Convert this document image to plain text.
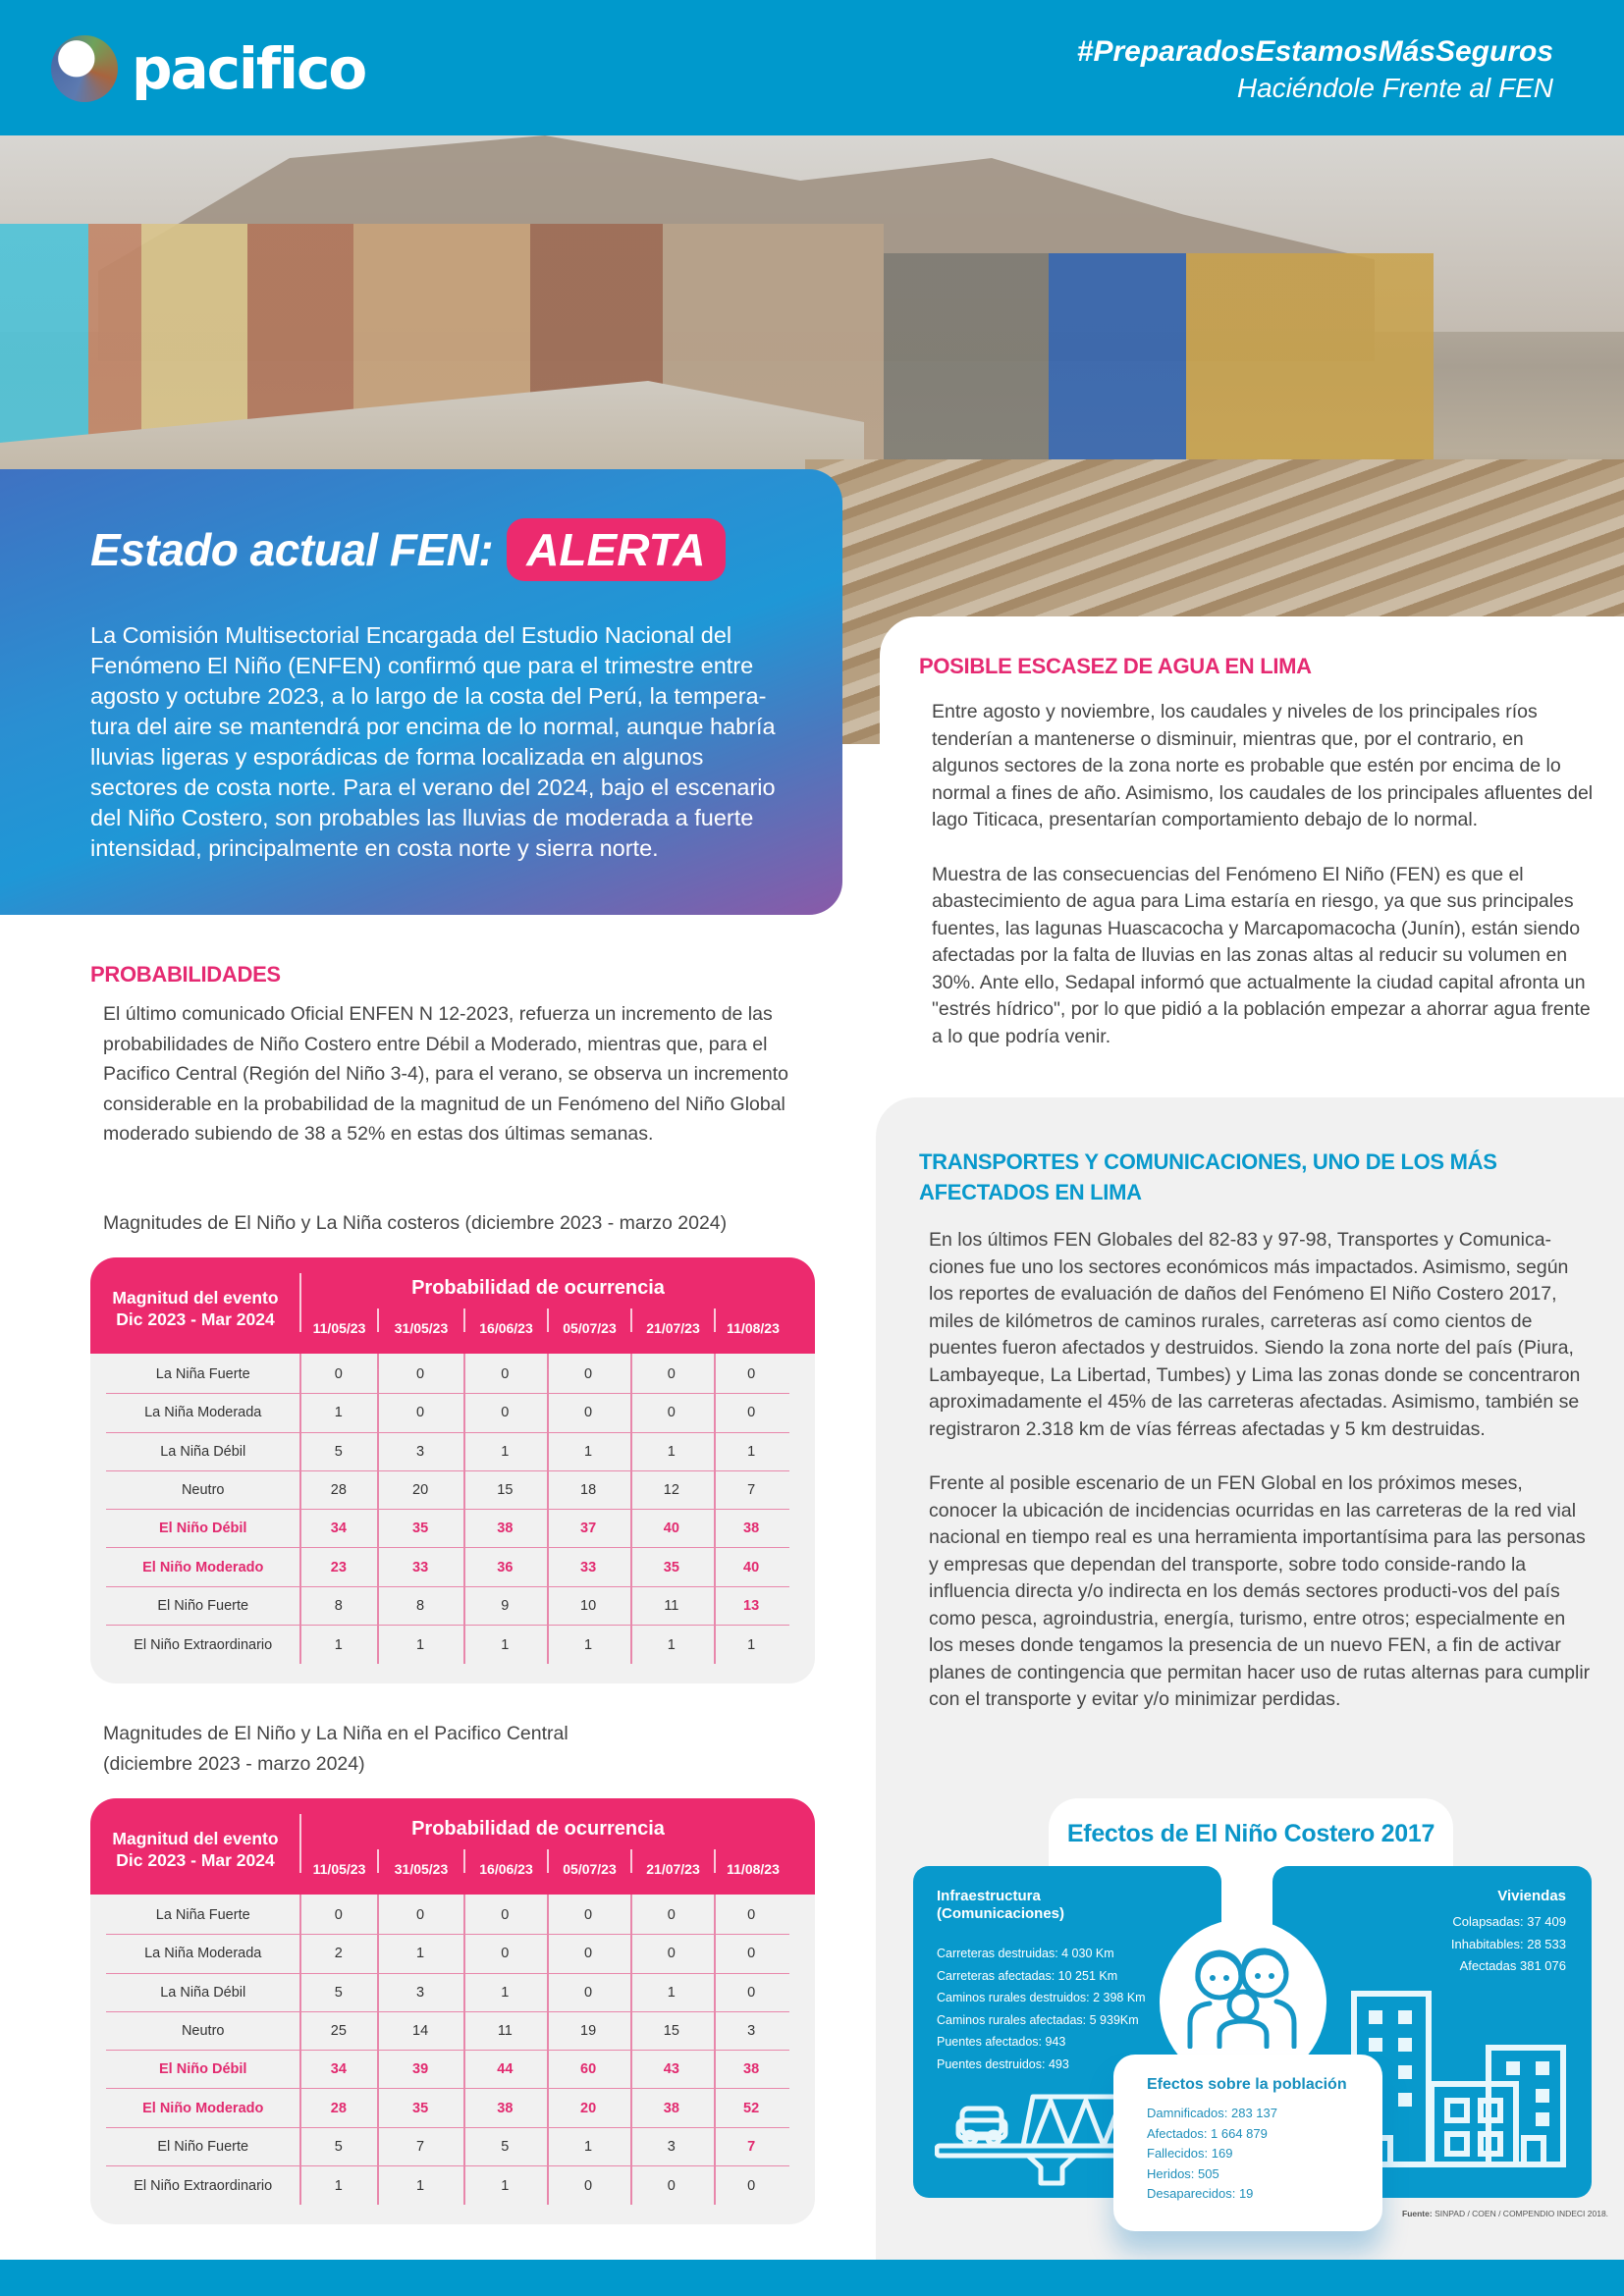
pacifico	#PreparadosEstamosMásSeguros
Haciéndole Frente al FEN
Estado actual FEN: ALERTA

La Comisión Multisectorial Encargada del Estudio Nacional del Fenómeno El Niño (ENFEN) confirmó que para el trimestre entre agosto y octubre 2023, a lo largo de la costa del Perú, la tempera-tura del aire se mantendrá por encima de lo normal, aunque habría lluvias ligeras y esporádicas de forma localizada en algunos sectores de costa norte. Para el verano del 2024, bajo el escenario del Niño Costero, son probables las lluvias de moderada a fuerte intensidad, principalmente en costa norte y sierra norte.

POSIBLE ESCASEZ DE AGUA EN LIMA

Entre agosto y noviembre, los caudales y niveles de los principales ríos tenderían a mantenerse o disminuir, mientras que, por el contrario, en algunos sectores de la zona norte es probable que estén por encima de lo normal a fines de año. Asimismo, los caudales de los principales afluentes del lago Titicaca, presentarían comportamiento debajo de lo normal.

Muestra de las consecuencias del Fenómeno El Niño (FEN) es que el abastecimiento de agua para Lima estaría en riesgo, ya que sus principales fuentes, las lagunas Huascacocha y Marcapomacocha (Junín), están siendo afectadas por la falta de lluvias en las zonas altas al reducir su volumen en 30%. Ante ello, Sedapal informó que actualmente la ciudad capital afronta un "estrés hídrico", por lo que pidió a la población empezar a ahorrar agua frente a lo que podría venir.

TRANSPORTES Y COMUNICACIONES, UNO DE LOS MÁS AFECTADOS EN LIMA

En los últimos FEN Globales del 82-83 y 97-98, Transportes y Comunica-ciones fue uno los sectores económicos más impactados. Asimismo, según los reportes de evaluación de daños del Fenómeno El Niño Costero 2017, miles de kilómetros de caminos rurales, carreteras así como cientos de puentes fueron afectados y destruidos. Siendo la zona norte del país (Piura, Lambayeque, La Libertad, Tumbes) y Lima las zonas donde se concentraron aproximadamente el 45% de las carreteras afectadas. Asimismo, también se registraron 2.318 km de vías férreas afectadas y 5 km destruidas.

Frente al posible escenario de un FEN Global en los próximos meses, conocer la ubicación de incidencias ocurridas en las carreteras de la red vial nacional en tiempo real es una herramienta importantísima para las personas y empresas que dependan del transporte, sobre todo conside-rando la influencia directa y/o indirecta en los demás sectores producti-vos del país como pesca, agroindustria, energía, turismo, entre otros; especialmente en los meses donde tengamos la presencia de un nuevo FEN, a fin de activar planes de contingencia que permitan hacer uso de rutas alternas para cumplir con el transporte y evitar y/o minimizar perdidas.

Efectos de El Niño Costero 2017
Infraestructura
(Comunicaciones)
Carreteras destruidas: 4 030 Km
Carreteras afectadas: 10 251 Km
Caminos rurales destruidos: 2 398 Km
Caminos rurales afectadas: 5 939Km
Puentes afectados: 943
Puentes destruidos: 493
Viviendas
Colapsadas: 37 409
Inhabitables: 28 533
Afectadas 381 076
Efectos sobre la población
Damnificados: 283 137
Afectados: 1 664 879
Fallecidos: 169
Heridos: 505
Desaparecidos: 19
Fuente: SINPAD / COEN / COMPENDIO INDECI 2018.
PROBABILIDADES

El último comunicado Oficial ENFEN N 12-2023, refuerza un incremento de las probabilidades de Niño Costero entre Débil a Moderado, mientras que, para el Pacifico Central (Región del Niño 3-4), para el verano, se observa un incremento considerable en la probabilidad de la magnitud de un Fenómeno del Niño Global moderado subiendo de 38 a 52% en estas dos últimas semanas.

Magnitudes de El Niño y La Niña costeros (diciembre 2023 - marzo 2024)

Magnitud del evento
Dic 2023 - Mar 2024
Probabilidad de ocurrencia
11/05/23	31/05/23	16/06/23	05/07/23	21/07/23	11/08/23
La Niña Fuerte	0	0	0	0	0	0
La Niña Moderada	1	0	0	0	0	0
La Niña Débil	5	3	1	1	1	1
Neutro	28	20	15	18	12	7
El Niño Débil	34	35	38	37	40	38
El Niño Moderado	23	33	36	33	35	40
El Niño Fuerte	8	8	9	10	11	13
El Niño Extraordinario	1	1	1	1	1	1

Magnitudes de El Niño y La Niña en el Pacifico Central (diciembre 2023 - marzo 2024)

Magnitud del evento
Dic 2023 - Mar 2024
Probabilidad de ocurrencia
11/05/23	31/05/23	16/06/23	05/07/23	21/07/23	11/08/23
La Niña Fuerte	0	0	0	0	0	0
La Niña Moderada	2	1	0	0	0	0
La Niña Débil	5	3	1	0	1	0
Neutro	25	14	11	19	15	3
El Niño Débil	34	39	44	60	43	38
El Niño Moderado	28	35	38	20	38	52
El Niño Fuerte	5	7	5	1	3	7
El Niño Extraordinario	1	1	1	0	0	0
